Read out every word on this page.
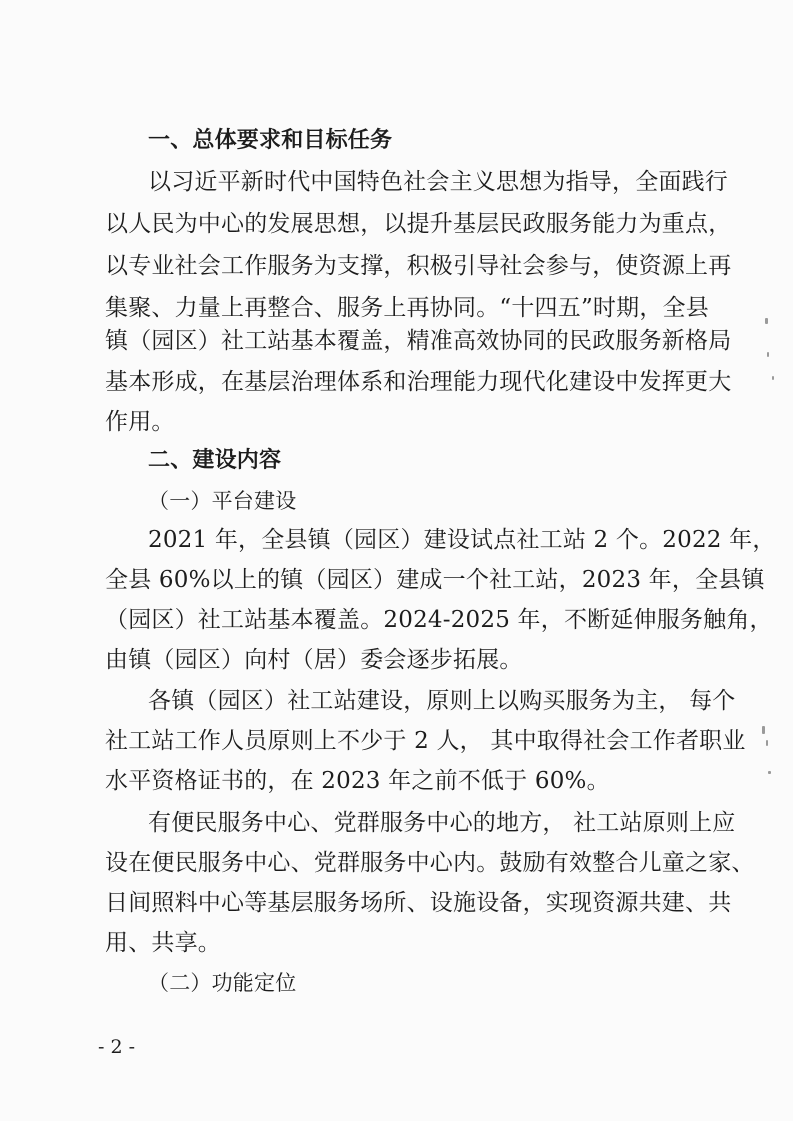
一、总体要求和目标任务
以习近平新时代中国特色社会主义思想为指导，全面践行
以人民为中心的发展思想，以提升基层民政服务能力为重点，
以专业社会工作服务为支撑，积极引导社会参与，使资源上再
集聚、力量上再整合、服务上再协同。“十四五”时期，全县
镇（园区）社工站基本覆盖，精准高效协同的民政服务新格局
基本形成，在基层治理体系和治理能力现代化建设中发挥更大
作用。
二、建设内容
（一）平台建设
2021 年，全县镇（园区）建设试点社工站 2 个。2022 年，
全县 60%以上的镇（园区）建成一个社工站，2023 年，全县镇
（园区）社工站基本覆盖。2024-2025 年，不断延伸服务触角，
由镇（园区）向村（居）委会逐步拓展。
各镇（园区）社工站建设，原则上以购买服务为主， 每个
社工站工作人员原则上不少于 2 人， 其中取得社会工作者职业
水平资格证书的，在 2023 年之前不低于 60%。
有便民服务中心、党群服务中心的地方， 社工站原则上应
设在便民服务中心、党群服务中心内。鼓励有效整合儿童之家、
日间照料中心等基层服务场所、设施设备，实现资源共建、共
用、共享。
（二）功能定位
- 2 -
